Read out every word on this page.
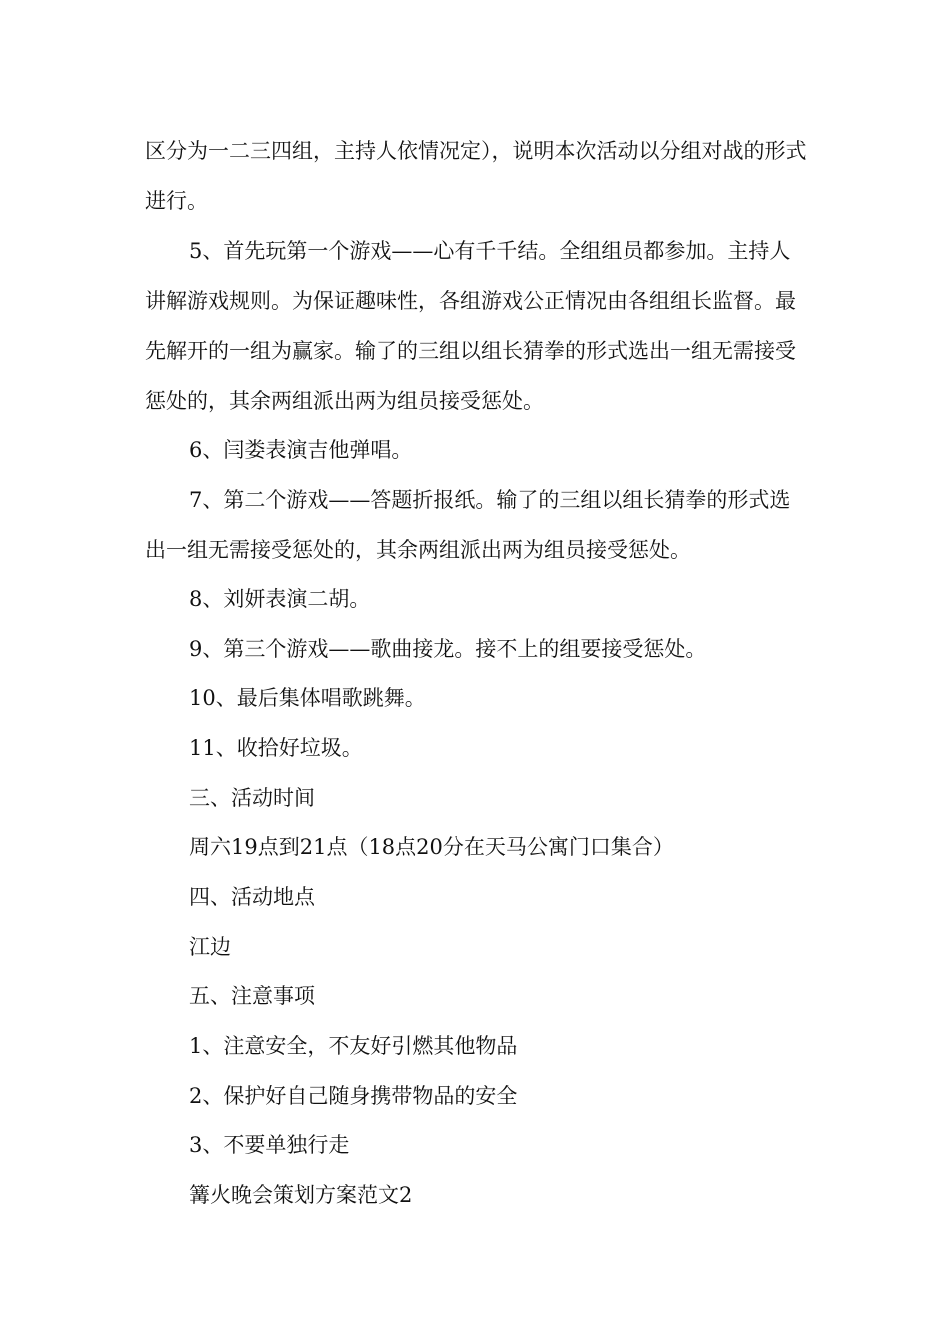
区分为一二三四组，主持人依情况定），说明本次活动以分组对战的形式进行。

5、首先玩第一个游戏——心有千千结。全组组员都参加。主持人讲解游戏规则。为保证趣味性，各组游戏公正情况由各组组长监督。最先解开的一组为赢家。输了的三组以组长猜拳的形式选出一组无需接受惩处的，其余两组派出两为组员接受惩处。

6、闫娄表演吉他弹唱。

7、第二个游戏——答题折报纸。输了的三组以组长猜拳的形式选出一组无需接受惩处的，其余两组派出两为组员接受惩处。

8、刘妍表演二胡。

9、第三个游戏——歌曲接龙。接不上的组要接受惩处。

10、最后集体唱歌跳舞。

11、收拾好垃圾。

三、活动时间

周六19点到21点（18点20分在天马公寓门口集合）

四、活动地点

江边

五、注意事项

1、注意安全，不友好引燃其他物品

2、保护好自己随身携带物品的安全

3、不要单独行走

篝火晚会策划方案范文2
